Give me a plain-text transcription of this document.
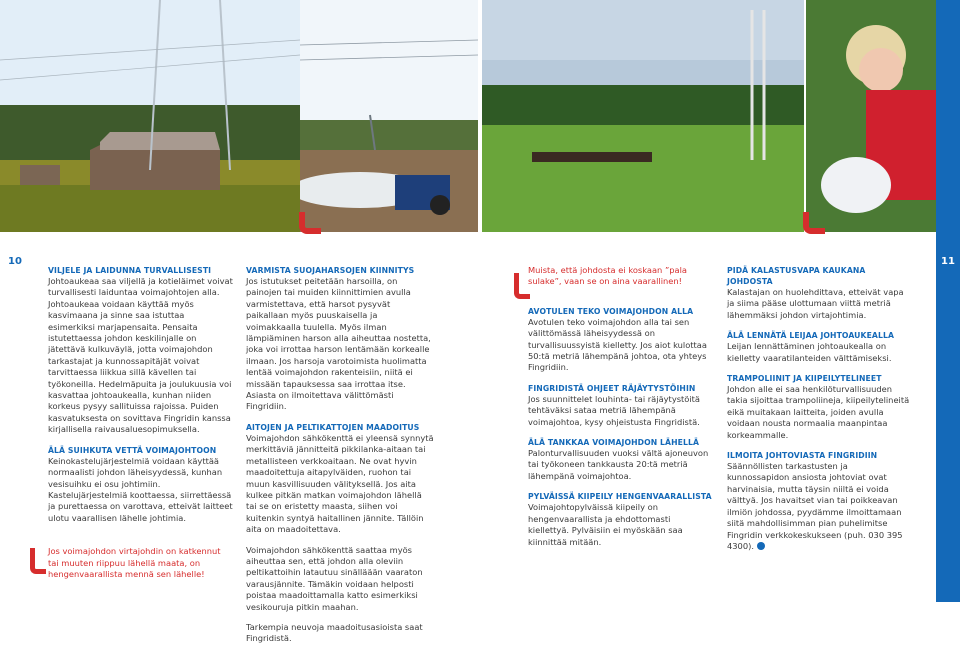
10	11
VILJELE JA LAIDUNNA TURVALLISESTI

Johtoaukeaa saa viljellä ja kotieläimet voivat turvallisesti laiduntaa voimajohtojen alla. Johtoaukeaa voidaan käyttää myös kasvimaana ja sinne saa istuttaa esimerkiksi marjapensaita. Pensaita istutettaessa johdon keskilinjalle on jätettävä kulkuväylä, jotta voimajohdon tarkastajat ja kunnossapitäjät voivat tarvittaessa liikkua sillä kävellen tai työkoneilla. Hedelmäpuita ja joulukuusia voi kasvattaa johtoaukealla, kunhan niiden korkeus pysyy sallituissa rajoissa. Puiden kasvatuksesta on sovittava Fingridin kanssa kirjallisella raivausaluesopimuksella.

ÄLÄ SUIHKUTA VETTÄ VOIMAJOHTOON

Keinokastelujärjestelmiä voidaan käyttää normaalisti johdon läheisyydessä, kunhan vesisuihku ei osu johtimiin. Kastelujärjestelmiä koottaessa, siirrettäessä ja purettaessa on varottava, etteivät laitteet ulotu vaarallisen lähelle johtimia.

Jos voimajohdon virtajohdin on katkennut tai muuten riippuu lähellä maata, on hengenvaarallista mennä sen lähelle!

VARMISTA SUOJAHARSOJEN KIINNITYS

Jos istutukset peitetään harsoilla, on painojen tai muiden kiinnittimien avulla varmistettava, että harsot pysyvät paikallaan myös puuskaisella ja voimakkaalla tuulella. Myös ilman lämpiäminen harson alla aiheuttaa nostetta, joka voi irrottaa harson lentämään korkealle ilmaan. Jos harsoja varotoimista huolimatta lentää voimajohdon rakenteisiin, niitä ei missään tapauksessa saa irrottaa itse. Asiasta on ilmoitettava välittömästi Fingridiin.

AITOJEN JA PELTIKATTOJEN MAADOITUS

Voimajohdon sähkökenttä ei yleensä synnytä merkittäviä jännitteitä pikkilanka-aitaan tai metallisteen verkkoaitaan. Ne ovat hyvin maadoitettuja aitapylväiden, ruohon tai muun kasvillisuuden välityksellä. Jos aita kulkee pitkän matkan voimajohdon lähellä tai se on eristetty maasta, siihen voi kuitenkin syntyä haitallinen jännite. Tällöin aita on maadoitettava.

Voimajohdon sähkökenttä saattaa myös aiheuttaa sen, että johdon alla oleviin peltikattoihin latautuu sinälläään vaaraton varausjännite. Tämäkin voidaan helposti poistaa maadoittamalla katto esimerkiksi vesikouruja pitkin maahan.

Tarkempia neuvoja maadoitusasioista saat Fingridistä.

Muista, että johdosta ei koskaan ”pala sulake”, vaan se on aina vaarallinen!

AVOTULEN TEKO VOIMAJOHDON ALLA

Avotulen teko voimajohdon alla tai sen välittömässä läheisyydessä on turvallisuussyistä kielletty. Jos aiot kulottaa 50:tä metriä lähempänä johtoa, ota yhteys Fingridiin.

FINGRIDISTÄ OHJEET RÄJÄYTYSTÖIHIN

Jos suunnittelet louhinta- tai räjäytystöitä tehtäväksi sataa metriä lähempänä voimajohtoa, kysy ohjeistusta Fingridistä.

ÄLÄ TANKKAA VOIMAJOHDON LÄHELLÄ

Palonturvallisuuden vuoksi vältä ajoneuvon tai työkoneen tankkausta 20:tä metriä lähempänä voimajohtoa.

PYLVÄISSÄ KIIPEILY HENGENVAARALLISTA

Voimajohtopylväissä kiipeily on hengenvaarallista ja ehdottomasti kiellettyä. Pylväisiin ei myöskään saa kiinnittää mitään.

PIDÄ KALASTUSVAPA KAUKANA JOHDOSTA

Kalastajan on huolehdittava, etteivät vapa ja siima pääse ulottumaan viittä metriä lähemmäksi johdon virtajohtimia.

ÄLÄ LENNÄTÄ LEIJAA JOHTOAUKEALLA

Leijan lennättäminen johtoaukealla on kielletty vaaratilanteiden välttämiseksi.

TRAMPOLIINIT JA KIIPEILYTELINEET

Johdon alle ei saa henkilöturvallisuuden takia sijoittaa trampoliineja, kiipeilytelineitä eikä muitakaan laitteita, joiden avulla voidaan nousta normaalia maanpintaa korkeammalle.

ILMOITA JOHTOVIASTA FINGRIDIIN

Säännöllisten tarkastusten ja kunnossapidon ansiosta johtoviat ovat harvinaisia, mutta täysin niiltä ei voida välttyä. Jos havaitset vian tai poikkeavan ilmiön johdossa, pyydämme ilmoittamaan siitä mahdollisimman pian puhelimitse Fingridin verkkokeskukseen (puh. 030 395 4300).
